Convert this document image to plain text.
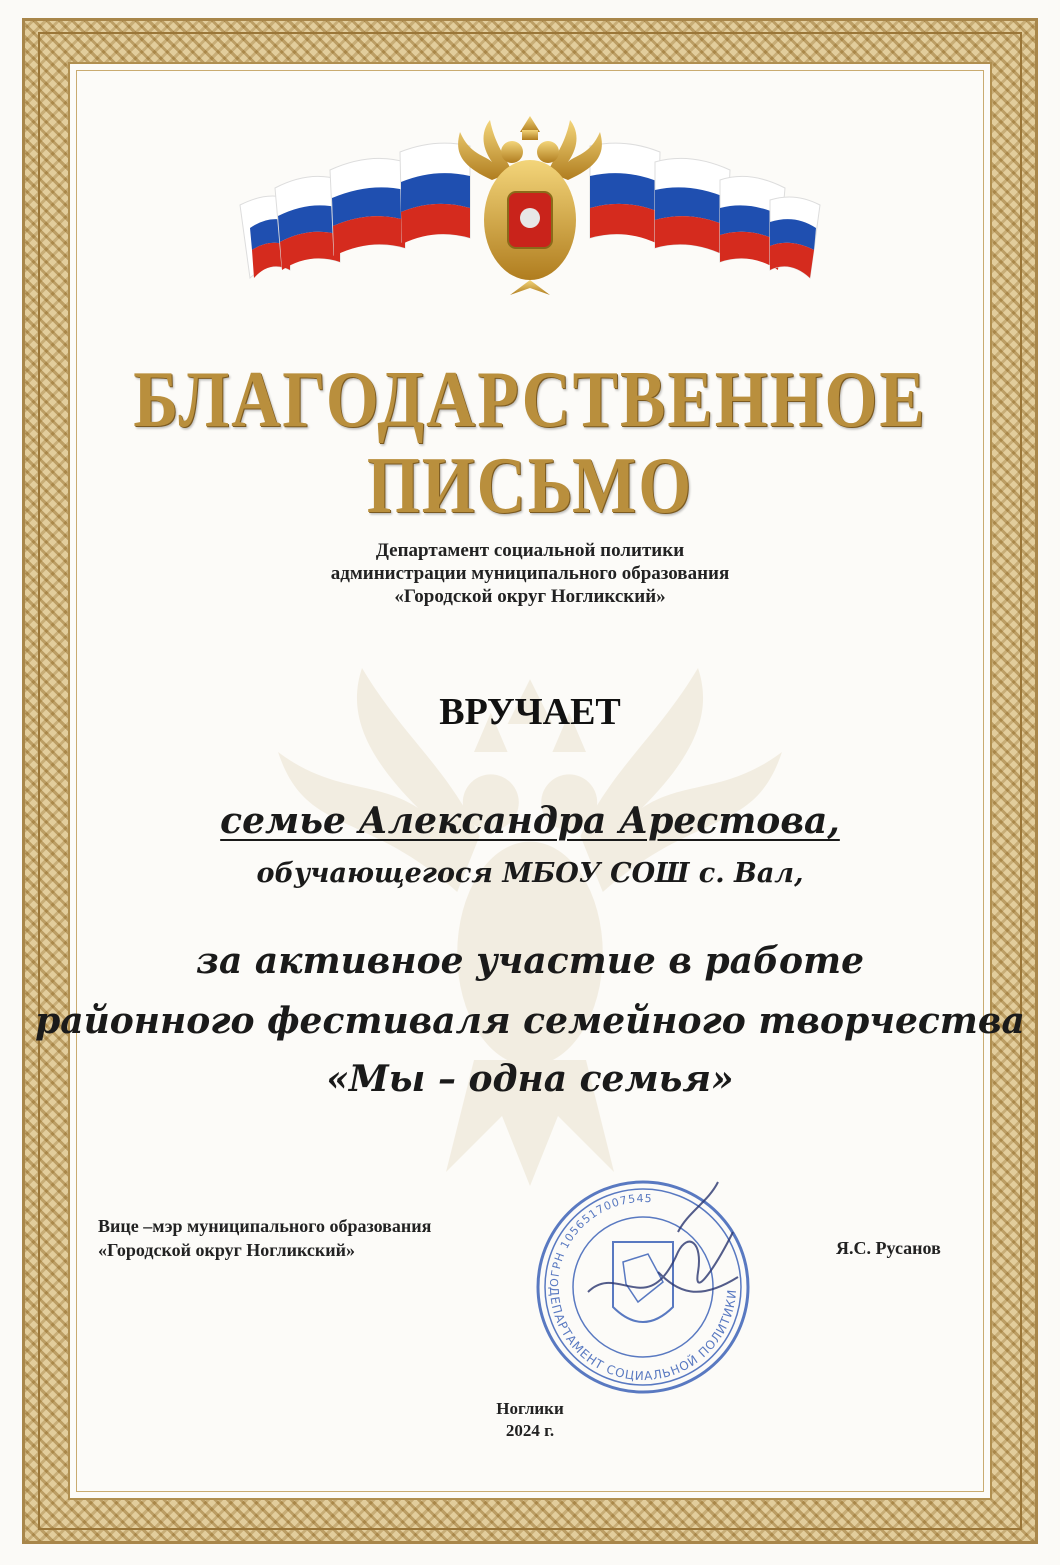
БЛАГОДАРСТВЕННОЕ
ПИСЬМО
Департамент социальной политики
администрации муниципального образования
«Городской округ Ногликский»
ВРУЧАЕТ
семье Александра Арестова,
обучающегося МБОУ СОШ с. Вал,
за активное участие в работе
районного фестиваля семейного творчества
«Мы – одна семья»
Вице –мэр муниципального образования
«Городской округ Ногликский»
ОГРН 1056517007545
ДЕПАРТАМЕНТ СОЦИАЛЬНОЙ ПОЛИТИКИ
Я.С. Русанов
Ноглики
2024 г.
